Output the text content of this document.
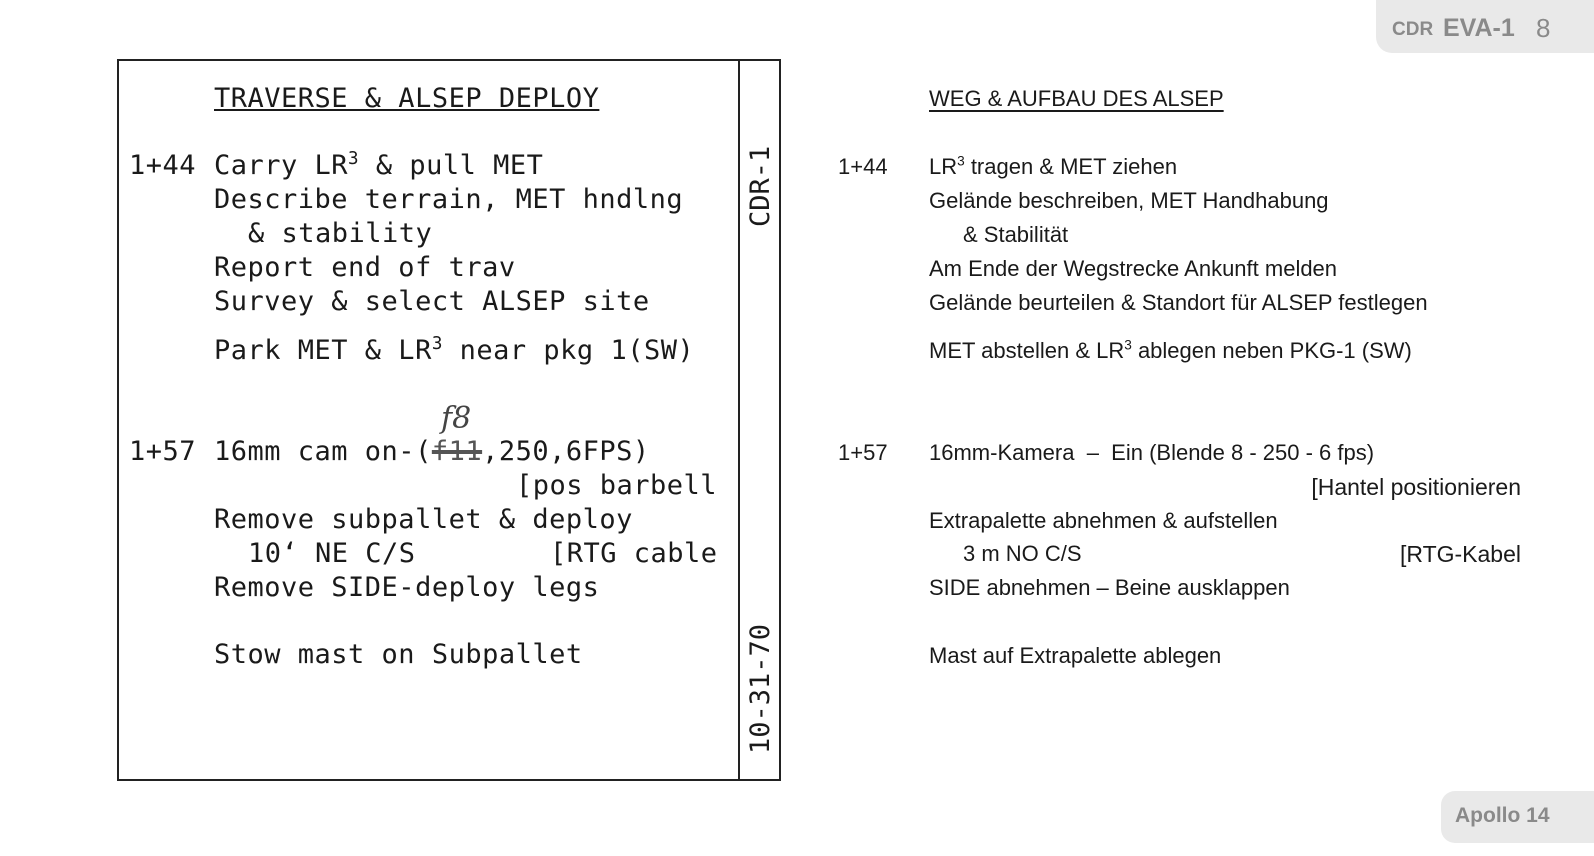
CDR EVA-1 8
TRAVERSE & ALSEP DEPLOY
1+44 Carry $LR^3$ & pull MET
Describe terrain, MET hndlng
& stability
Report end of trav
Survey & select ALSEP site
Park MET & $LR^3$ near pkg 1(SW)
f8
1+57 16mm cam on-(f11,250,6FPS)
[pos barbell
Remove subpallet & deploy
10‘ NE C/S	[RTG cable
Remove SIDE-deploy legs
Stow mast on Subpallet
CDR-1
10-31-70
WEG & AUFBAU DES ALSEP
1+44 $LR^3$ tragen & MET ziehen
Gelände beschreiben, MET Handhabung
& Stabilität
Am Ende der Wegstrecke Ankunft melden
Gelände beurteilen & Standort für ALSEP festlegen
MET abstellen & $LR^3$ ablegen neben PKG-1 (SW)
1+57 16mm-Kamera  –  Ein (Blende 8 - 250 - 6 fps)
[Hantel positionieren
Extrapalette abnehmen & aufstellen
3 m NO C/S	[RTG-Kabel
SIDE abnehmen – Beine ausklappen
Mast auf Extrapalette ablegen
Apollo 14
